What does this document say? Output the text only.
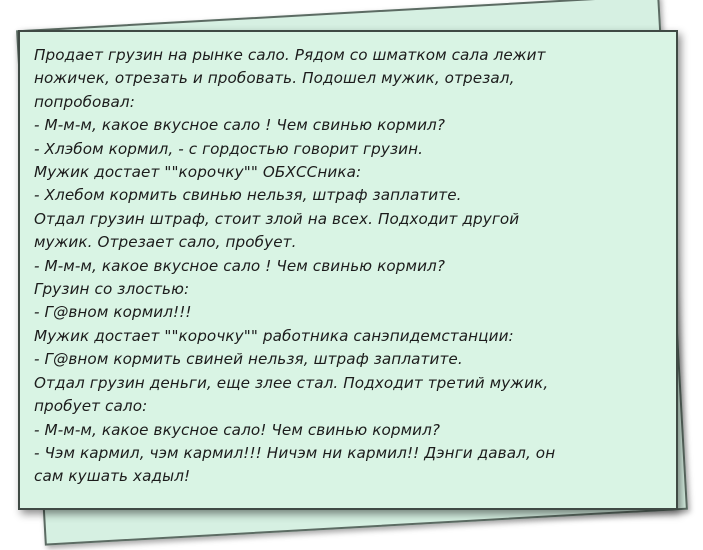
Продает грузин на рынке сало. Рядом со шматком сала лежит
ножичек, отрезать и пробовать. Подошел мужик, отрезал,
попробовал:
- М-м-м, какое вкусное сало ! Чем свинью кормил?
- Хлэбом кормил, - с гордостью говорит грузин.
Мужик достает ""корочку"" ОБХССника:
- Хлебом кормить свинью нельзя, штраф заплатите.
Отдал грузин штраф, стоит злой на всех. Подходит другой
мужик. Отрезает сало, пробует.
- М-м-м, какое вкусное сало ! Чем свинью кормил?
Грузин со злостью:
- Г@вном кормил!!!
Мужик достает ""корочку"" работника санэпидемстанции:
- Г@вном кормить свиней нельзя, штраф заплатите.
Отдал грузин деньги, еще злее стал. Подходит третий мужик,
пробует сало:
- М-м-м, какое вкусное сало! Чем свинью кормил?
- Чэм кармил, чэм кармил!!! Ничэм ни кармил!! Дэнги давал, он
сам кушать хадыл!
